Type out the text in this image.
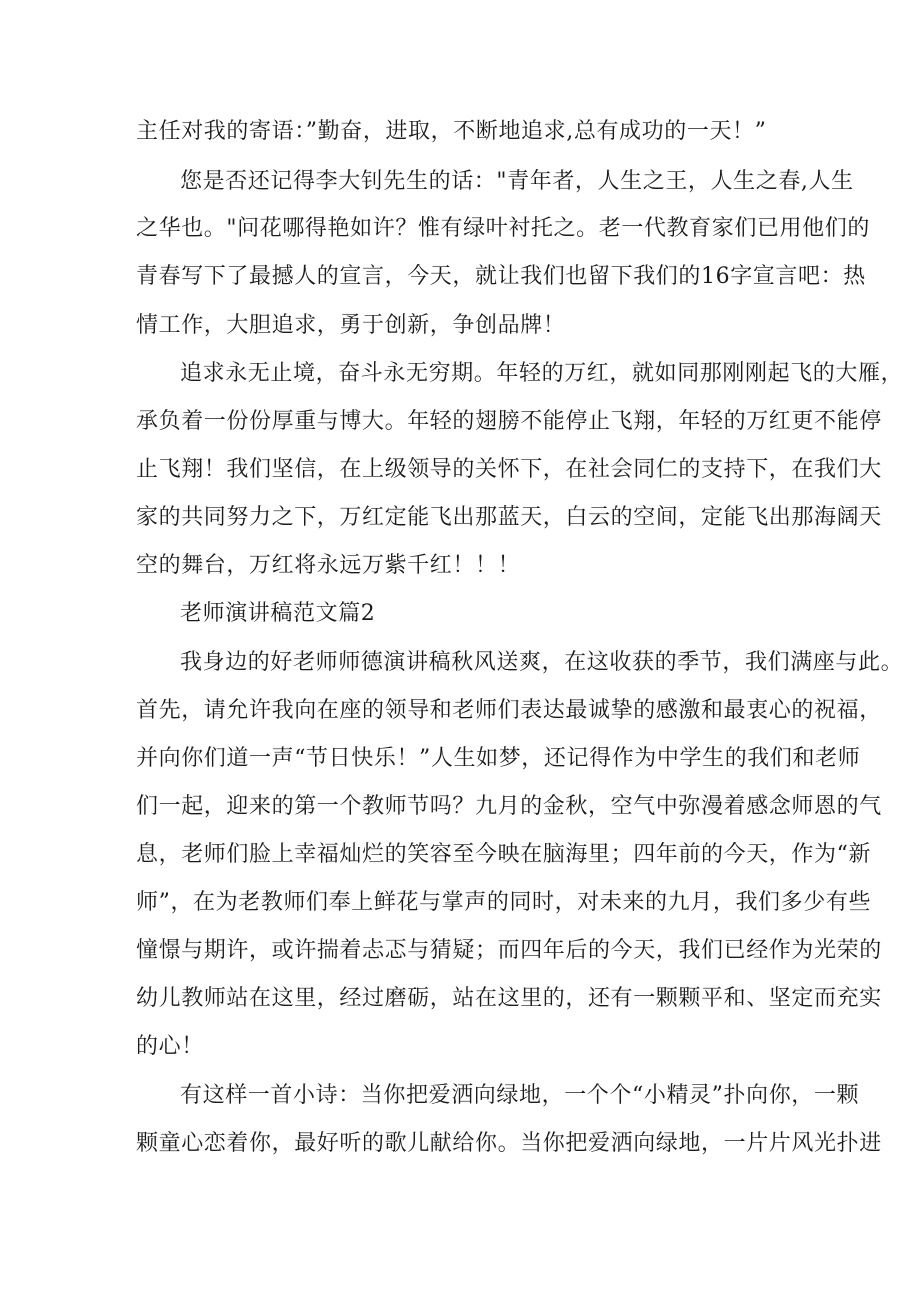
主任对我的寄语：”勤奋，进取，不断地追求,总有成功的一天！”
您是否还记得李大钊先生的话："青年者，人生之王，人生之春,人生
之华也。"问花哪得艳如许？惟有绿叶衬托之。老一代教育家们已用他们的
青春写下了最撼人的宣言，今天，就让我们也留下我们的16字宣言吧：热
情工作，大胆追求，勇于创新，争创品牌！
追求永无止境，奋斗永无穷期。年轻的万红，就如同那刚刚起飞的大雁，
承负着一份份厚重与博大。年轻的翅膀不能停止飞翔，年轻的万红更不能停
止飞翔！我们坚信，在上级领导的关怀下，在社会同仁的支持下，在我们大
家的共同努力之下，万红定能飞出那蓝天，白云的空间，定能飞出那海阔天
空的舞台，万红将永远万紫千红！！！
老师演讲稿范文篇2
我身边的好老师师德演讲稿秋风送爽，在这收获的季节，我们满座与此。
首先，请允许我向在座的领导和老师们表达最诚挚的感激和最衷心的祝福，
并向你们道一声“节日快乐！”人生如梦，还记得作为中学生的我们和老师
们一起，迎来的第一个教师节吗？九月的金秋，空气中弥漫着感念师恩的气
息，老师们脸上幸福灿烂的笑容至今映在脑海里；四年前的今天，作为“新
师”，在为老教师们奉上鲜花与掌声的同时，对未来的九月，我们多少有些
憧憬与期许，或许揣着忐忑与猜疑；而四年后的今天，我们已经作为光荣的
幼儿教师站在这里，经过磨砺，站在这里的，还有一颗颗平和、坚定而充实
的心！
有这样一首小诗：当你把爱洒向绿地，一个个“小精灵”扑向你，一颗
颗童心恋着你，最好听的歌儿献给你。当你把爱洒向绿地，一片片风光扑进
